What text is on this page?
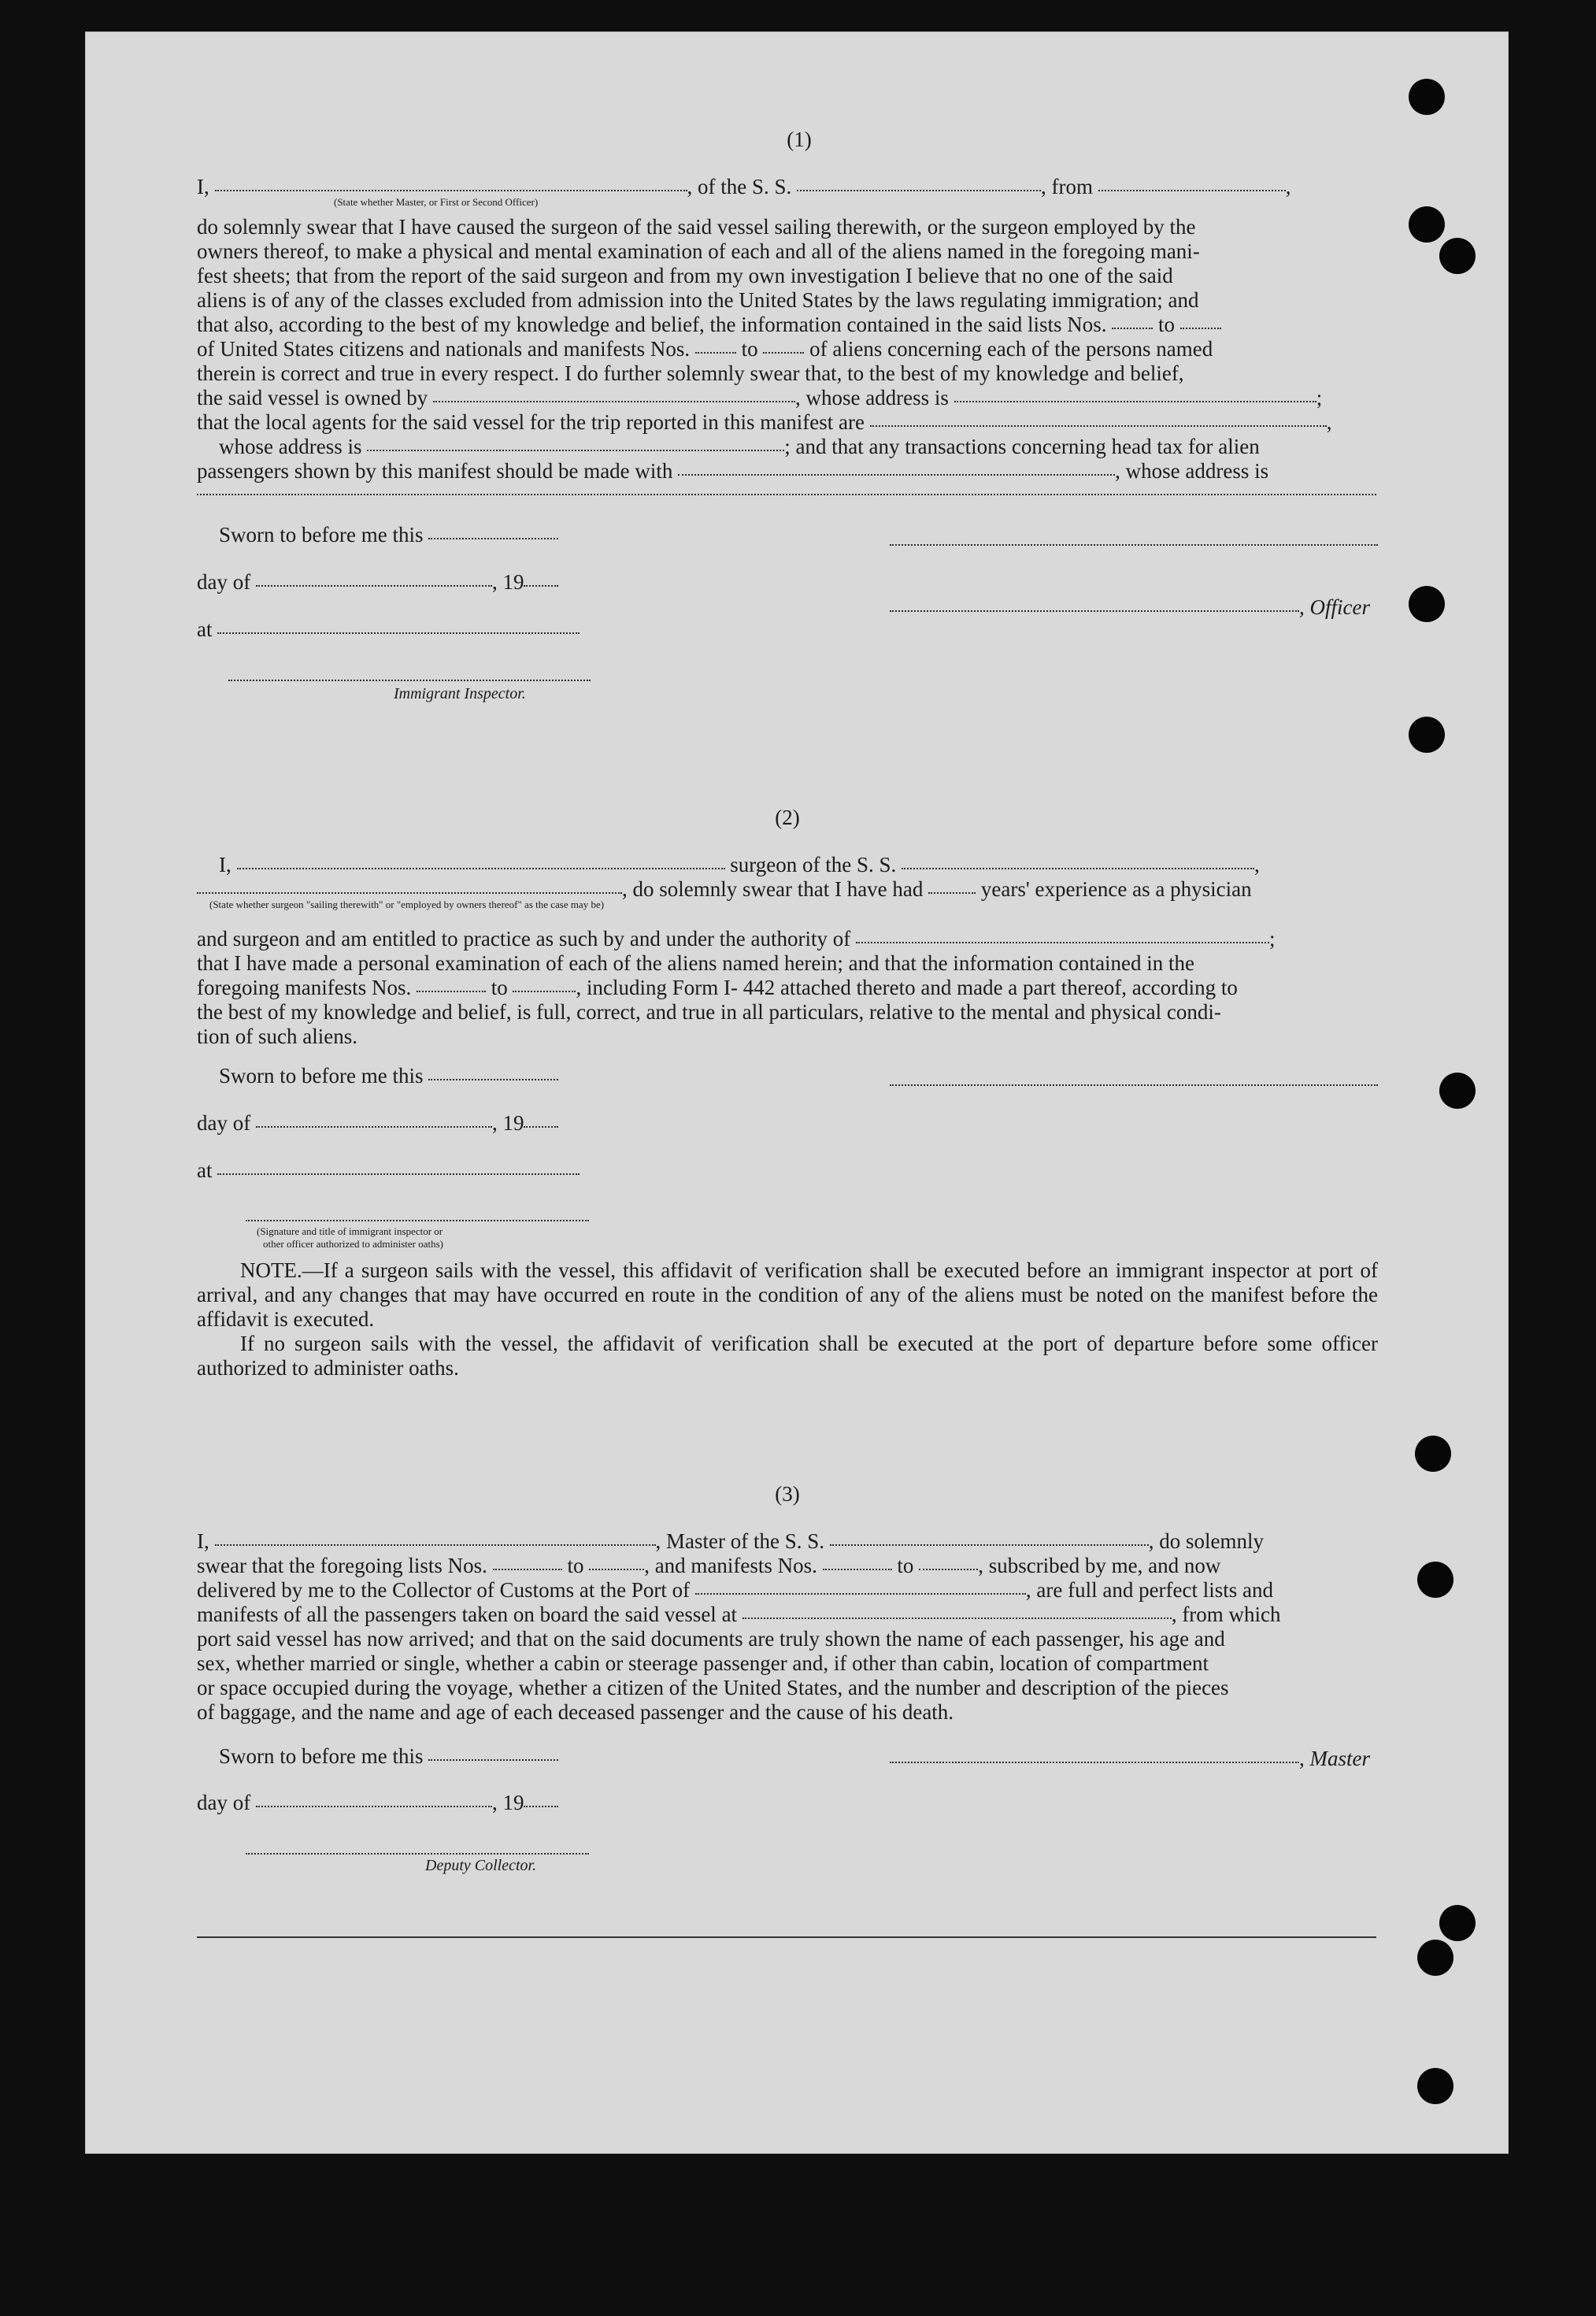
(1)
I,	, of the S. S.	, from	,
(State whether Master, or First or Second Officer)
do solemnly swear that I have caused the surgeon of the said vessel sailing therewith, or the surgeon employed by the
owners thereof, to make a physical and mental examination of each and all of the aliens named in the foregoing mani-
fest sheets; that from the report of the said surgeon and from my own investigation I believe that no one of the said
aliens is of any of the classes excluded from admission into the United States by the laws regulating immigration; and
that also, according to the best of my knowledge and belief, the information contained in the said lists Nos. to
of United States citizens and nationals and manifests Nos. to of aliens concerning each of the persons named
therein is correct and true in every respect. I do further solemnly swear that, to the best of my knowledge and belief,
the said vessel is owned by	, whose address is	;
that the local agents for the said vessel for the trip reported in this manifest are	,
whose address is	; and that any transactions concerning head tax for alien
passengers shown by this manifest should be made with	, whose address is
Sworn to before me this
day of	, 19
, Officer
at
Immigrant Inspector.
(2)
I,	surgeon of the S. S.	,
, do solemnly swear that I have had	years' experience as a physician
(State whether surgeon "sailing therewith" or "employed by owners thereof" as the case may be)
and surgeon and am entitled to practice as such by and under the authority of	;
that I have made a personal examination of each of the aliens named herein; and that the information contained in the
foregoing manifests Nos.	to	, including Form I- 442 attached thereto and made a part thereof, according to
the best of my knowledge and belief, is full, correct, and true in all particulars, relative to the mental and physical condi-
tion of such aliens.
Sworn to before me this
day of	, 19
at
(Signature and title of immigrant inspector or
other officer authorized to administer oaths)
NOTE.—If a surgeon sails with the vessel, this affidavit of verification shall be executed before an immigrant inspector at port of arrival, and any changes that may have occurred en route in the condition of any of the aliens must be noted on the manifest before the affidavit is executed.
If no surgeon sails with the vessel, the affidavit of verification shall be executed at the port of departure before some officer authorized to administer oaths.
(3)
I,	, Master of the S. S.	, do solemnly
swear that the foregoing lists Nos.	to	, and manifests Nos.	to	, subscribed by me, and now
delivered by me to the Collector of Customs at the Port of	, are full and perfect lists and
manifests of all the passengers taken on board the said vessel at	, from which
port said vessel has now arrived; and that on the said documents are truly shown the name of each passenger, his age and
sex, whether married or single, whether a cabin or steerage passenger and, if other than cabin, location of compartment
or space occupied during the voyage, whether a citizen of the United States, and the number and description of the pieces
of baggage, and the name and age of each deceased passenger and the cause of his death.
Sworn to before me this	, Master
day of	, 19
Deputy Collector.
